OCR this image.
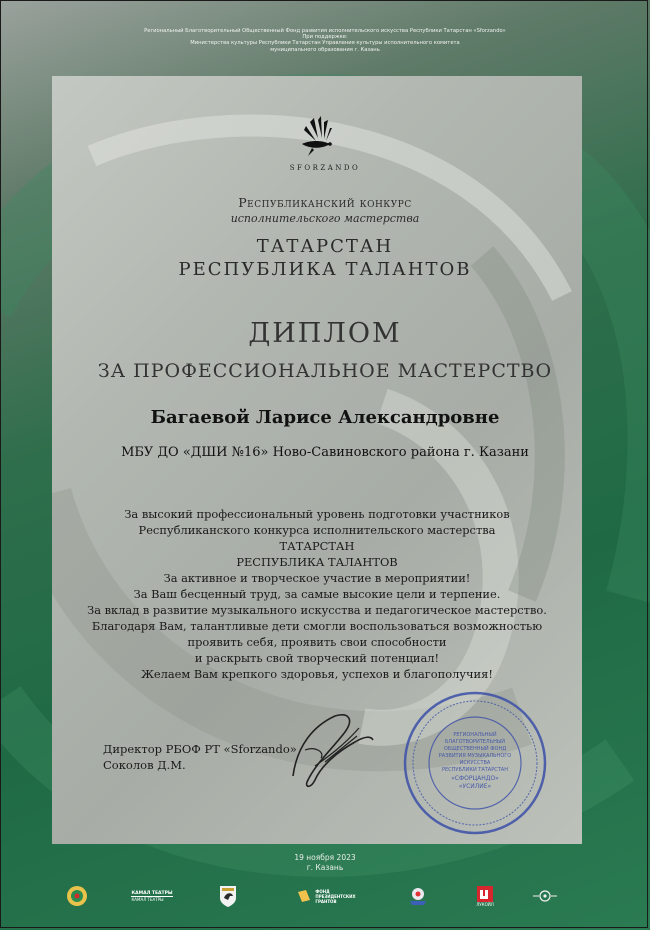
Региональный Благотворительный Общественный Фонд развития исполнительского искусства Республики Татарстан «Sforzando»
При поддержке:
Министерства культуры Республики Татарстан Управления культуры исполнительного комитета
муниципального образования г. Казань
SFORZANDO
Республиканский конкурс
исполнительского мастерства
ТАТАРСТАН
РЕСПУБЛИКА ТАЛАНТОВ
ДИПЛОМ
ЗА ПРОФЕССИОНАЛЬНОЕ МАСТЕРСТВО
Багаевой Ларисе Александровне
МБУ ДО «ДШИ №16» Ново-Савиновского района г. Казани
За высокий профессиональный уровень подготовки участников
Республиканского конкурса исполнительского мастерства
ТАТАРСТАН
РЕСПУБЛИКА ТАЛАНТОВ
За активное и творческое участие в мероприятии!
За Ваш бесценный труд, за самые высокие цели и терпение.
За вклад в развитие музыкального искусства и педагогическое мастерство.
Благодаря Вам, талантливые дети смогли воспользоваться возможностью
проявить себя, проявить свои способности
и раскрыть свой творческий потенциал!
Желаем Вам крепкого здоровья, успехов и благополучия!
Директор РБОФ РТ «Sforzando»
Соколов Д.М.
РЕГИОНАЛЬНЫЙ
БЛАГОТВОРИТЕЛЬНЫЙ
ОБЩЕСТВЕННЫЙ ФОНД
РАЗВИТИЯ МУЗЫКАЛЬНОГО
ИСКУССТВА
РЕСПУБЛИКИ ТАТАРСТАН
«СФОРЦАНДО»
«УСИЛИЕ»
19 ноября 2023
г. Казань
КАМАЛ ТЕАТРЫ
КАМАЛ ТЕАТРЫ
ФОНД
ПРЕЗИДЕНТСКИХ
ГРАНТОВ
ЛУКОЙЛ
